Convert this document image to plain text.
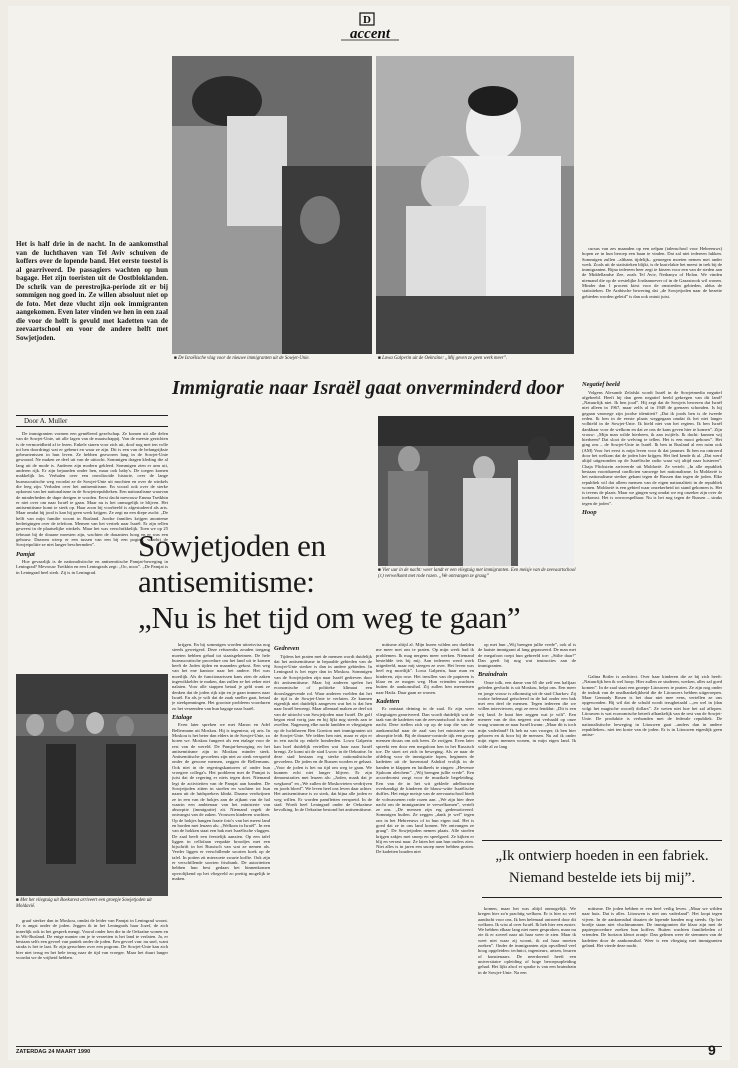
D
accent
Het is half drie in de nacht. In de aankomsthal van de luchthaven van Tel Aviv schuiven de koffers over de lopende band. Het eerste toestel is al gearriveerd. De passagiers wachten op hun bagage. Het zijn toeristen uit de Oostbloklanden. De schrik van de perestrojka-periode zit er bij sommigen nog goed in. Ze willen absoluut niet op de foto. Met deze vlucht zijn ook immigranten aangekomen. Even later vinden we hen in een zaal die voor de helft is gevuld met kadetten van de zeevaartschool en voor de andere helft met Sowjetjoden.
Door A. Muller
■ De Israëlische vlag voor de nieuwe immigranten uit de Sowjet-Unie.	■ Lowa Galperin uit de Oekraïne: „Mij geven ze geen werk meer”.

cursus van zes maanden op een oelpan (talenschool voor Hebreeuws) hopen ze in hun beroep een baan te vinden. Dat zal niet iedereen lukken. Sommigen zullen –althans tijdelijk– genoegen moeten nemen met ander werk. Zoals uit de statistieken blijkt, is de kustvlakte het meest in trek bij de immigranten. Bijna iedereen heer zegt te kiezen voor een van de steden aan de Middellandse Zee, zoals Tel Aviv, Nethanya of Holon. We vinden niemand die op de westelijke Jordaanoever of in de Gazastrook wil wonen. Minder dan 1 procent kiest voor de omstreden gebieden, aldus de statistieken. De Arabische bewering dat „de Sowjetjoden naar de bezette gebieden worden geleid” is dan ook ontuit juist.

Immigratie naar Israël gaat onverminderd door

De immigranten vormen een gemêleerd gezelschap. Ze komen uit alle delen van de Sowjet-Unie, uit alle lagen van de maatschappij. Van de meeste gezichten is de vermoeidheid af te lezen. Enkele staren voor zich uit, doof nog met ten volle tot hen doordringt wat er gebeurt en waar ze zijn. Dit is een van de belangrijkste gebeurtenissen in hun leven. Ze hebben gezworen lang in de Sowjet-Unie gewoond. Ne maken ze deel uit van de uittocht. Sommigen dragen kleding die al lang uit de mode is. Anderen zijn modern gekleed. Sommigen zien er arm uit, anderen rijk. Er zijn bejaarden onder hen, maar ook baby's. De toegen komen makkelijk los. Verhalen over een onvoltooide historie, over de lange bureaucratische weg voordat ze de Sowjet-Unie uit mochten en over de winkels die leeg zijn. Verhalen over het antisemitisme. En vooral ook over de sterke opkomst van het nationalisme in de Sowjetrepublieken. Een nationalisme waarvan de minderheden de dupe dreigen te worden. Eerst dacht mevrouw Emma Tsetkhin er niet over om naar Israël te gaan. Maar nu is het onmogelijk te blijven. Het antisemitisme komt te sterk op. Haar zoon bij voorbeeld is afgestudeerd als arts. Maar omdat hij jood is kan hij geen werk krijgen. Ze zegt na een diepe zucht: „De helft van mijn familie woont in Rusland. Joodse families krijgen anonieme bedreigingen over de telefoon. Mensen van het vertrek naar Israël. Er zijn rellen geweest in de plaatselijke winkels. Maar het was verschrikkelijk. Toen we op 25 februari bij de douane moesten zijn, wachten de douaniers hoog en er was een gebouw. Daarom wierp er een tussen van een bij een poging, waarbij de Sowjetpolitie ze niet langer beschermden”.

Pamjat

Hoe gevaarlijk is de nationalistische en antisemitische Pamjat-beweging in Leningrad? Mevrouw Tsetkhin en een Leningrads zegt: „Oo, nooo”. „De Pamjat is in Leningrad heel sterk. Zij is in Leningrad.	■ Vier uur in de nacht: weer landt er een vliegtuig met immigranten. Een meisje van de zeevaartschool (r.) verwelkomt met rode rozen. „We ontvangen ze graag”
Negatief beeld

Volgens Alexandr Zelafski wordt Israël in de Sowjetmedia negatief afgebeeld. Heeft hij dan geen negatief beeld gekregen van dit land? „Natuurlijk niet. Ik ben jood”. Hij zegt dat de Sowjets beweren dat Israël niet alleen in 1967, maar zelfs al in 1948 de grenzen schonden. Is hij gegaan vanwege zijn joodse identiteit? „Dat ik joods ben is de tweede reden. Ik ben in de eerste plaats weggegaan omdat ik het niet langer volhield in de Sowjet-Unie. Ik hield niet van het regiem. Ik ben Israël dankbaar voor de welkom en dat ze ons de kans geven hier te komen”. Zijn vrouw: „Mijn man wilde hierheen, ik aan twijfels. Ik dacht: kunnen wij hierheen? Dat sloot de welving te tellen. Het is een mooi gebouw”. Het ging ons – de Sowjet-Unie in Israël. Ik ben in Rusland al een ruim ook (AM) Voor het eerst is mijn leven voor ik dat jammer. Ik ben nu ontroerd door het welkom dat de joden hier krijgen. Het lied kende ik al. „Dat werd altijd uitgezonden op de Israëlische radio waar wij altijd naar luisteren”. Chaja Flickstein arriveerde uit Moldavië. Ze vertelt: „In alle republiek bestaan voortdurend conflicten vanwege het nationalisme. In Moldavië is het nationalisme sterker gekant tegen de Russen dan tegen de joden. Elke republiek wil dat alleen mensen van de eigen nationaliteit in de republiek wonen. Moldavië is een gebied waar onzekerheid tot stand gekomen is. Het is tevens de plaats. Maar we gingen weg omdat we erg onzeker zijn over de toekomst. Het is onvoorspelbaar. Nu is het nog tegen de Russen – straks tegen de joden”.

Hoop
Sowjetjoden en
antisemitisme:
„Nu is het tijd om weg te gaan”
■ Met het vliegtuig uit Boekarest arriveert een groepje Sowjetjoden uit Moldavië.

graaf sterker dan in Moskou, omdat de leider van Pamjat in Leningrad woont. Er is angst onder de joden. Jeggen ik in het Leningrads haar Jozef, de zich innerlijk ook in het gesprek mengt. Vooral onder hen die in de Oekraïne wonen en in Wit-Rusland. De enige manier om je te verzetten is het land te verlaten. Ja, er bestaan selfs een gevoel van paniek onder de joden. Een gevoel van: nu snel, want straks is het te laat. Er zijn geruchten over een pogrom. De Sowjet-Unie kan zich hier niet terug en het hele terug naar de tijd van vroeger. Maar het duurt langer voordat we de vrijheid hebben.

krijgen. En bij sommigen worden uitreisvisa nog steeds geweigerd. Deze refuseniks zouden toegang moeten hebben gehad tot staatsgeheimen. De hele bureaucratische procedure om het land uit te komen heeft de Joden tijden en maanden gekost. Een weg van het ene kantoor naar het andere. Het was moeilijk. Als de functionarissen kans zien de zaken ingewikkelder te maken, dan zullen ze het zeker niet nalaten. Voor alle stappen betaal je geld want ze denken dat de joden rijk zijn en je gaan immers naar Israël. En als je wilt dat de zaak sneller gaat, betaal je steekpenningen. Het grootste probleem voorduren zo het verzenden van hun bagage naar Israël.

Etalage

Even later spreken we met Maron en Adel Bellermann uit Moskou. Hij is ingenieur, zij arts. In Moskou is het beter dan elders in de Sowjet-Unie, zo horen we. Moskou fungeert als een etalage voor de rest van de wereld. De Pamjat-beweging en het antisemitisme zijn in Moskou minder sterk. Antisemitische gevoelens zijn niet zo sterk verspreid onder de gewone mensen, zeggen de Bellermans. Ook niet in de regeringskantoren of onder hun vroegere collega's. Het probleem met de Pamjat is juist dat de regering er niets tegen doet. Niemand legt de activiteiten van de Pamjat aan banden. De Sowjetjoden zitten in stoelen en wachten tot hun naam uit de luidsprekers klinkt. Daarna verdwijnen ze in een van de hokjes aan de zijkant van de hal waarin een ambtenaar van het ministerie van absorptie (immigratie) zit. Niemand regelt de ontvangst van de zaken. Vrouwen kinderen wachten. Op de hokjes hangen fraaie foto's van het meest land en borden met leuzen als: „Welkom in Israël”. In een van de hokken staat een bak met Israëlische vlaggen. De zaal heeft een feestelijk aanzien. Op een tafel liggen in cellofaan verpakte broodjes met een bijschrift in het Russisch van wat ze nemen als. Verder liggen er verschillende soorten koek op de tafel. In potten zit mierzoete zwarte koffie. Ook zijn er verschillende soorten frisdrank. De autoriteiten hebben hun best gedaan het binnenkomen opvrolijkend op het vliegveld zo prettig mogelijk te maken.

Gedreven

Tijdens het praten met de mensen wordt duidelijk dat het antisemitisme in bepaalde gebieden van de Sowjet-Unie sterker is dan in andere gebieden. In Leningrad is het erger dan in Moskou. Sommigen van de Sowjetjoden zijn naar Israël gedreven door dit antisemitisme. Maar bij anderen spelen het economische of politieke klimaat een doorslaggevende rol. Waar anderen voelden dat het de tijd is de Sowjet-Unie te verlaten. Ze kunnen eigenlijk niet duidelijk aangeven wat het is dat hen naar Israël beweegt. Maar allemaal maken ze deel uit van de uittocht van Sowjetjoden naar Israël. De golf begon eind vorig jaar en bij lijkt nog steeds aan te zwellen. Nagenoeg elke nacht landden er vliegtuigen op de luchthaven Ben Goerion met immigranten uit de Sowjet-Unie. We telden hen niet, maar er zijn er in een nacht op enkele honderden. Lowa Galperin kan hoel duidelijk vertellen wat haar naar Israël brengt. Ze komt uit de stad Lwow in de Oekraïne. In deze stad bestaan erg sterke nationalistische gevoelens. De joden en de Russen worden er gehaat. „Voor de joden is het nu tijd om weg te gaan. We kunnen echt niet langer blijven. Er zijn demonstraties met leuzen als: „Joden, maak dat je wegkomt” en „We zullen de Moskovieten verdrijven en joods bloed”. We leven heel ons leven daar achter. Het antisemitisme is zo sterk, dat bijna alle joden er weg willen. Er worden pamfletten verspreid. In de stad. Wordt heel Leningrad onder de Oekraïnse bevolking. In de Oekraïne bestond het antisemitisme.

mitisme altijd al. Mijn buren wilden om duelden me meer met ons te praten. Op mijn werk had ik problemen. Ik mag nergens meer werken. Niemand besteldde iets bij mij. Aan iedereen werd werk uitgedeeld, maar mij steegen ze over. Het leven was heel erg moeilijk”. Lowa Galperin, haar man en kinderen, zijn rose. Het invullen van de papieren is klaar en ze mogen weg. Hun vrienden wachten buiten de aankomsthal. Zij zullen hen meenemen naar Haifa. Daar gaan ze wonen.

Kadetten

Er ontstaat deining in de zaal. Er zijn weer vliegtuigen gearriveerd. Dan wordt duidelijk wat de taak van de kadetten van de zeevaartschool is in deze nacht. Deze stellen zich op op de trap die van de aankomsthal naar de zaal van het ministerie van absorptie leidt. Bij de douane-controle tijk een groep mensen dwaas om ook heen. Ze zwijgen. Even later spreekt een door een megafoon hen in het Russisch toe. De stoet zet zich in beweging. Als ze naar de afdeling voor de immigratie lopen, beginnen de kadetten uit de havenstad Ashdod vrolijk in de handen te klappen en luidkeels te zingen: „Hevenoe Sjaloom aleichem”. „Wij brengen jullie vrede”. Een accordeonist zorgt voor de muzikale begeleiding. Een van de in het wit geklede adelborsten overhandigt de kinderen de blauw-witte Israëlische duffies. Het enige meisje van de zeevaartschool biedt de volwassenen rode rozen aan. „We zijn hier deze nacht om de immigranten te verwelkomen”, vertelt ze ons. „De mensen zijn erg gedemotiveerd. Sommigen huilen. Ze zeggen „dank je wel” tegen ons in het Hebreeuws of in hun eigen taal. Het is goed dat ze in ons land komen. We ontvangen ze graag”. De Sowjetjoden nemen plaats. Alle stoelen krijgen zakjes met snoep en speelgoed. Ze kijken er blij en verrast naar. Ze laten het aan hun ouders zien. Niet alles is in jaren een snoep meer hebben gezien. De kadetten houden niet

op met hun „Wij brengen jullie vrede”, ook al is de laatste immigrant al lang gepasseerd. De man met de megafoon roept hun gebreeld toe: „Stilte daar!” Dan geeft hij nog wat instructies aan de immigranten.

Braindrain

Onze tolk, een dame van 65 die zelf een halfjaar geleden gevlucht is uit Moskou, helpt ons. Een meer en jonge vrouw is afkomstig uit de stad Charkov. Zij rookte helemaal geïsoleerd in de hal onder een bak met een deel de mensen. Tegen iedereen die we willen interviewen, zegt ze eerst fenddut: „Dit is een vrij land. Je kunt hier zeggen wat je wilt”. Een meneer van de dos negeert wat verhaald op onze vraag waarom ze naar Israël kwam: „Maar dit is toch mijn vaderland? Ik heb na van vroeger, ik ben hier geboren en ik hoor bij de mensen. Nu zal ik onder mijn eigen mensen wonen, in mijn eigen land. Ik wilde al zo lang

Galina Botler is architect. Over haar kinderen die ze bij zich heeft: „Natuurlijk ben ik wel hoop. Hier zullen ze studeren, werken, alles zal goed komen”. In de zaal staat een groepje Litouwers te praten. Ze zijn nog onder de indruk van de onafhankelijkheid die de Litouwers hebben uitgeroepen. Maar Gennady Rosen is het daar niet mee eens, vertellen ze ons opgewonden. Hij wil dat de schuld wordt terugbetaald –„en wel in (dan volgt het magische woord) dollars”. Ze weten niet hoe het zal aflopen. Litouwen is wat economische betreft afhankelijk van de rest van de Sowjet-Unie. De produktie is verbonden met de federale republiek. De nationalistische beweging in Litouwen gaat –anders dan in andere republieken– niet ten koste van de joden. Er is in Litouwen eigenlijk geen antise-

„Ik ontwierp hoeden in een fabriek.
Niemand bestelde iets bij mij”.

komen, maar het was altijd onmogelijk. We kregen hier zo'n prachtig welkom. Er is hier zo veel aandacht voor ons. Ik ben helemaal ontroerd door dit welkom. Ik wist al over Israël. Ik heb hier een zuster. We hebben elkaar lang niet meer gesproken, maar nu zie ik er zoveel naar uit haar weer te zien. Maar ik weet niet waar zij woont, ik zal haar moeten zoeken”. Onder de immigranten zijn opvallend veel hoog opgeleiden: technici, ingenieurs, artsen, leraren of kunstenaars. De neerdorend heeft een universitaire opleiding of hoge beroepsopleiding gehad. Het lijkt alsof er sprake is van een braindrain in de Sowjet-Unie. Na een

mitisme. De joden hebben er een heel veilig leven. „Maar we wilden naar huis. Dat is alles. Litouwen is niet ons vaderland”. Het loopt tegen vijven. In de aankomsthal draaien de lopende banden nog steeds. Op het bordje staan niet vluchtnummer. De immigranten die klaar zijn met de papierprocedure zoeken hun koffers. Buiten wachten familieleden of vrienden. De horizon kleurt oranje. Dan gelinen weer de stemmen van de kadetten door de aankomsthal. Weer is een vliegtuig met immigranten geland. Het vierde deze nacht.

ZATERDAG 24 MAART 1990	9
